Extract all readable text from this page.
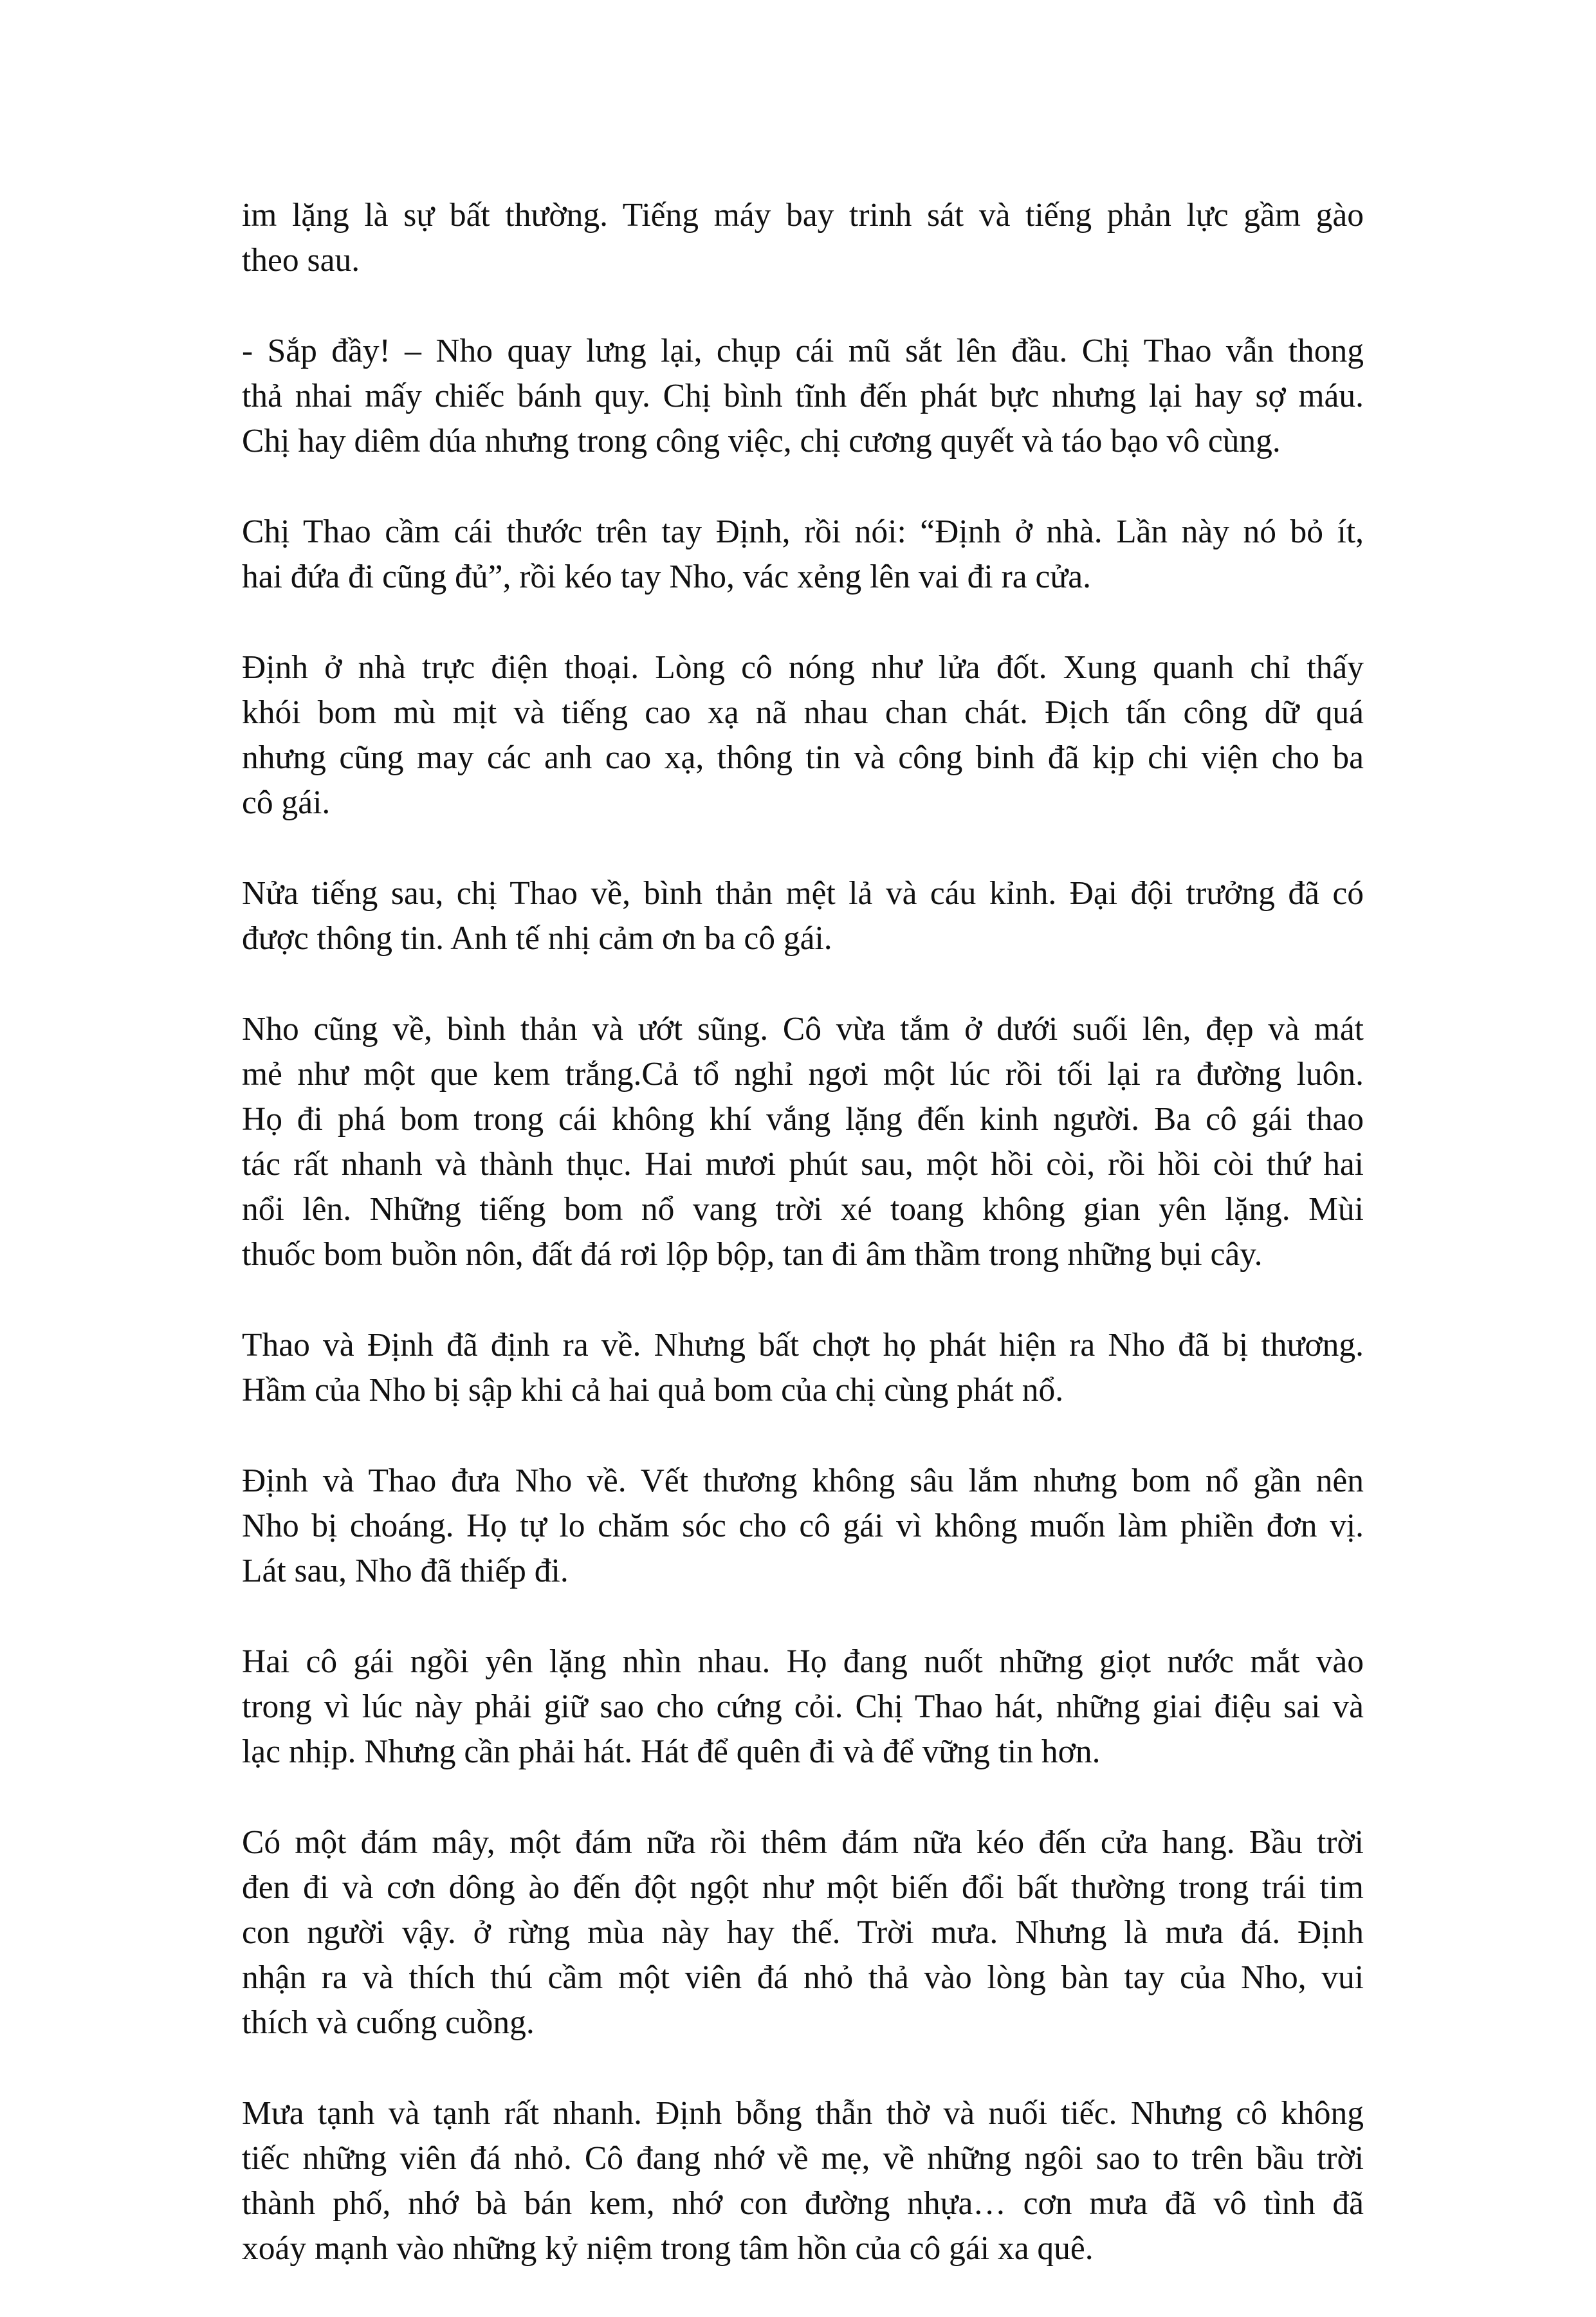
im lặng là sự bất thường. Tiếng máy bay trinh sát và tiếng phản lực gầm gào
theo sau.
- Sắp đầy! – Nho quay lưng lại, chụp cái mũ sắt lên đầu. Chị Thao vẫn thong
thả nhai mấy chiếc bánh quy. Chị bình tĩnh đến phát bực nhưng lại hay sợ máu.
Chị hay diêm dúa nhưng trong công việc, chị cương quyết và táo bạo vô cùng.
Chị Thao cầm cái thước trên tay Định, rồi nói: “Định ở nhà. Lần này nó bỏ ít,
hai đứa đi cũng đủ”, rồi kéo tay Nho, vác xẻng lên vai đi ra cửa.
Định ở nhà trực điện thoại. Lòng cô nóng như lửa đốt. Xung quanh chỉ thấy
khói bom mù mịt và tiếng cao xạ nã nhau chan chát. Địch tấn công dữ quá
nhưng cũng may các anh cao xạ, thông tin và công binh đã kịp chi viện cho ba
cô gái.
Nửa tiếng sau, chị Thao về, bình thản mệt lả và cáu kỉnh. Đại đội trưởng đã có
được thông tin. Anh tế nhị cảm ơn ba cô gái.
Nho cũng về, bình thản và ướt sũng. Cô vừa tắm ở dưới suối lên, đẹp và mát
mẻ như một que kem trắng.Cả tổ nghỉ ngơi một lúc rồi tối lại ra đường luôn.
Họ đi phá bom trong cái không khí vắng lặng đến kinh người. Ba cô gái thao
tác rất nhanh và thành thục. Hai mươi phút sau, một hồi còi, rồi hồi còi thứ hai
nổi lên. Những tiếng bom nổ vang trời xé toang không gian yên lặng. Mùi
thuốc bom buồn nôn, đất đá rơi lộp bộp, tan đi âm thầm trong những bụi cây.
Thao và Định đã định ra về. Nhưng bất chợt họ phát hiện ra Nho đã bị thương.
Hầm của Nho bị sập khi cả hai quả bom của chị cùng phát nổ.
Định và Thao đưa Nho về. Vết thương không sâu lắm nhưng bom nổ gần nên
Nho bị choáng. Họ tự lo chăm sóc cho cô gái vì không muốn làm phiền đơn vị.
Lát sau, Nho đã thiếp đi.
Hai cô gái ngồi yên lặng nhìn nhau. Họ đang nuốt những giọt nước mắt vào
trong vì lúc này phải giữ sao cho cứng cỏi. Chị Thao hát, những giai điệu sai và
lạc nhịp. Nhưng cần phải hát. Hát để quên đi và để vững tin hơn.
Có một đám mây, một đám nữa rồi thêm đám nữa kéo đến cửa hang. Bầu trời
đen đi và cơn dông ào đến đột ngột như một biến đổi bất thường trong trái tim
con người vậy. ở rừng mùa này hay thế. Trời mưa. Nhưng là mưa đá. Định
nhận ra và thích thú cầm một viên đá nhỏ thả vào lòng bàn tay của Nho, vui
thích và cuống cuồng.
Mưa tạnh và tạnh rất nhanh. Định bỗng thẫn thờ và nuối tiếc. Nhưng cô không
tiếc những viên đá nhỏ. Cô đang nhớ về mẹ, về những ngôi sao to trên bầu trời
thành phố, nhớ bà bán kem, nhớ con đường nhựa… cơn mưa đã vô tình đã
xoáy mạnh vào những kỷ niệm trong tâm hồn của cô gái xa quê.
